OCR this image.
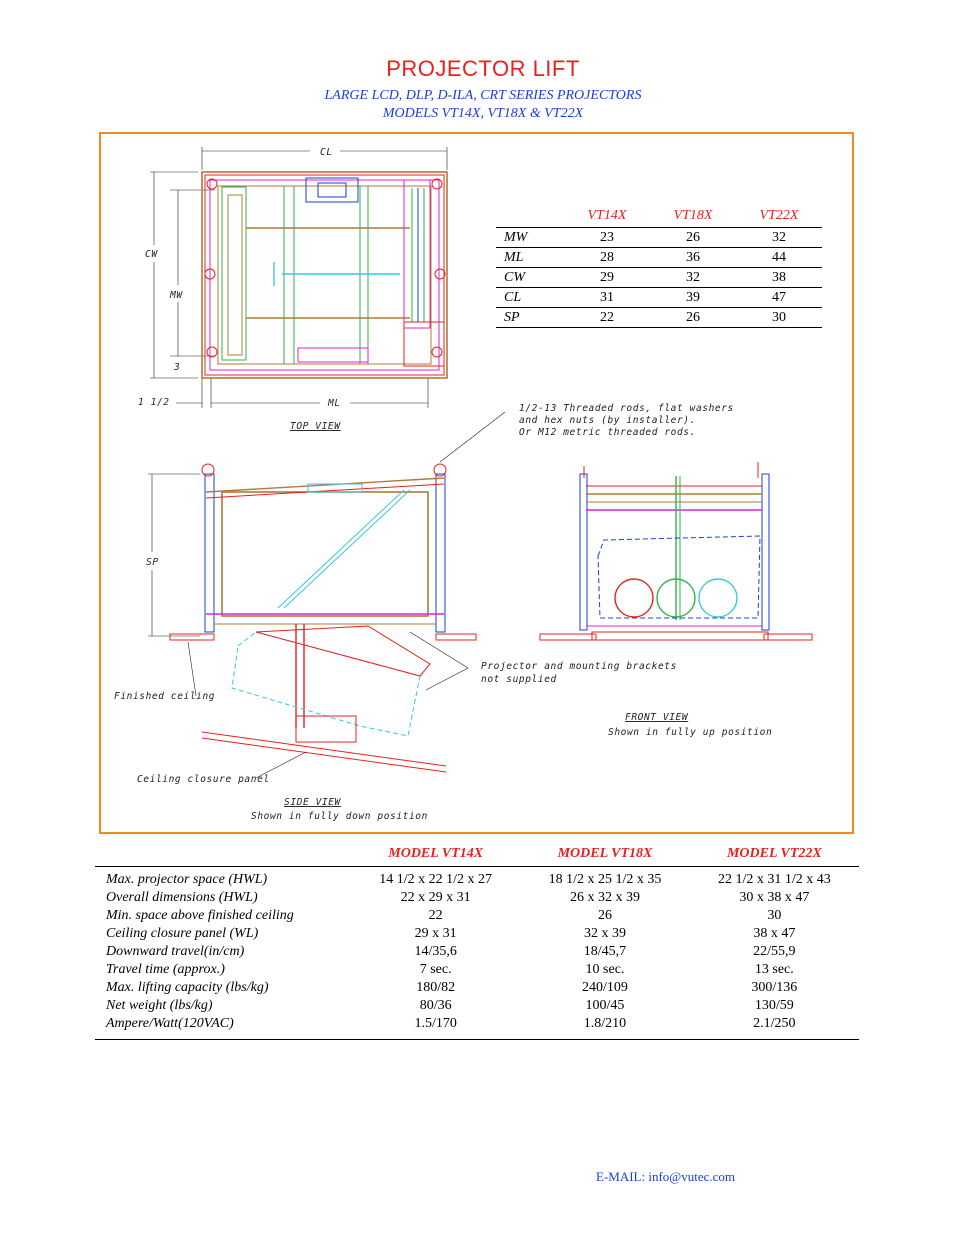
PROJECTOR LIFT
LARGE LCD, DLP, D-ILA, CRT SERIES PROJECTORS
MODELS VT14X, VT18X & VT22X
CL
CW
MW
3
ML
1 1/2
TOP VIEW
1/2-13 Threaded rods, flat washers
and hex nuts (by installer).
Or M12 metric threaded rods.
SP
Projector and mounting brackets
not supplied
Finished ceiling
FRONT VIEW
Shown in fully up position
Ceiling closure panel
SIDE VIEW
Shown in fully down position
	VT14X	VT18X	VT22X
MW	23	26	32
ML	28	36	44
CW	29	32	38
CL	31	39	47
SP	22	26	30
	MODEL VT14X	MODEL VT18X	MODEL VT22X
Max. projector space (HWL)	14 1/2 x 22 1/2 x 27	18 1/2 x 25 1/2 x 35	22 1/2 x 31 1/2 x 43
Overall dimensions (HWL)	22 x 29 x 31	26 x 32 x 39	30 x 38 x 47
Min. space above finished ceiling	22	26	30
Ceiling closure panel (WL)	29 x 31	32 x 39	38 x 47
Downward travel(in/cm)	14/35,6	18/45,7	22/55,9
Travel time (approx.)	7 sec.	10 sec.	13 sec.
Max. lifting capacity (lbs/kg)	180/82	240/109	300/136
Net weight (lbs/kg)	80/36	100/45	130/59
Ampere/Watt(120VAC)	1.5/170	1.8/210	2.1/250
E-MAIL: info@vutec.com
